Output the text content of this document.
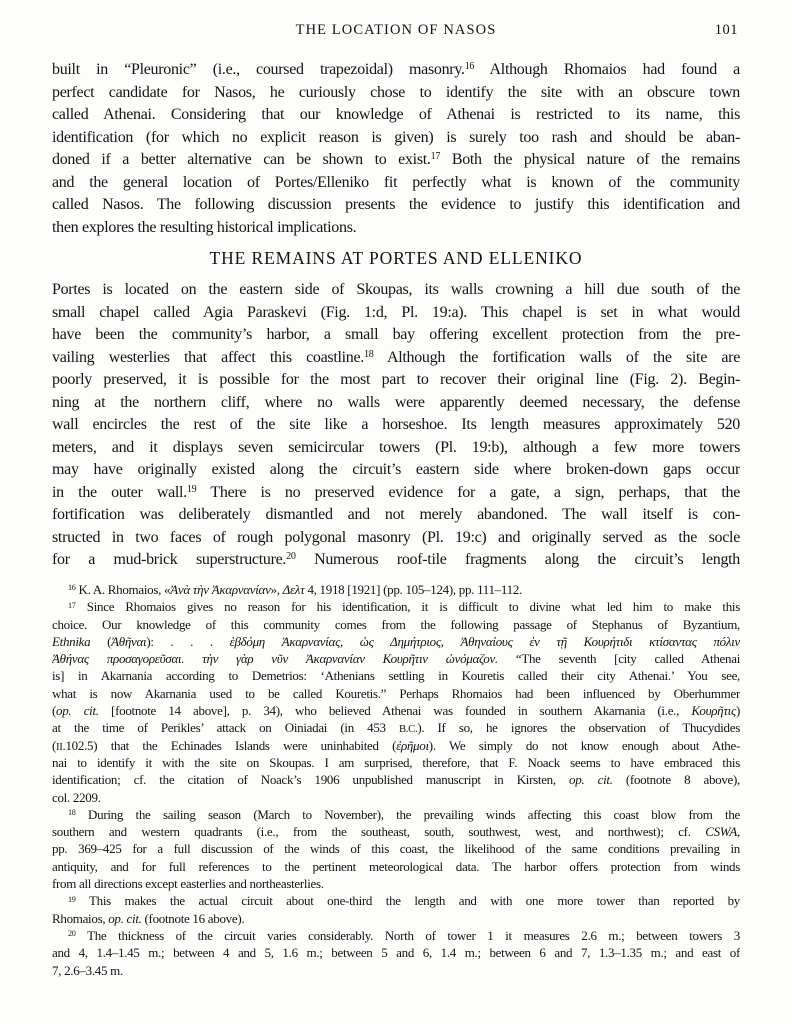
THE LOCATION OF NASOS	101
built in “Pleuronic” (i.e., coursed trapezoidal) masonry.$^{16}$ Although Rhomaios had found a
perfect candidate for Nasos, he curiously chose to identify the site with an obscure town
called Athenai. Considering that our knowledge of Athenai is restricted to its name, this
identification (for which no explicit reason is given) is surely too rash and should be aban-
doned if a better alternative can be shown to exist.$^{17}$ Both the physical nature of the remains
and the general location of Portes/Elleniko fit perfectly what is known of the community
called Nasos. The following discussion presents the evidence to justify this identification and
then explores the resulting historical implications.
THE REMAINS AT PORTES AND ELLENIKO
Portes is located on the eastern side of Skoupas, its walls crowning a hill due south of the
small chapel called Agia Paraskevi (Fig. 1:d, Pl. 19:a). This chapel is set in what would
have been the community’s harbor, a small bay offering excellent protection from the pre-
vailing westerlies that affect this coastline.$^{18}$ Although the fortification walls of the site are
poorly preserved, it is possible for the most part to recover their original line (Fig. 2). Begin-
ning at the northern cliff, where no walls were apparently deemed necessary, the defense
wall encircles the rest of the site like a horseshoe. Its length measures approximately 520
meters, and it displays seven semicircular towers (Pl. 19:b), although a few more towers
may have originally existed along the circuit’s eastern side where broken-down gaps occur
in the outer wall.$^{19}$ There is no preserved evidence for a gate, a sign, perhaps, that the
fortification was deliberately dismantled and not merely abandoned. The wall itself is con-
structed in two faces of rough polygonal masonry (Pl. 19:c) and originally served as the socle
for a mud-brick superstructure.$^{20}$ Numerous roof-tile fragments along the circuit’s length
$^{16}$ K. A. Rhomaios, «Ἀνὰ τὴν Ἀκαρνανίαν», Δελτ 4, 1918 [1921] (pp. 105–124), pp. 111–112.
$^{17}$ Since Rhomaios gives no reason for his identification, it is difficult to divine what led him to make this
choice. Our knowledge of this community comes from the following passage of Stephanus of Byzantium,
Ethnika (Ἀθῆναι): . . . ἑβδόμη Ἀκαρνανίας, ὡς Δημήτριος, Ἀθηναίους ἐν τῇ Κουρήτιδι κτίσαντας πόλιν
Ἀθήνας προσαγορεῦσαι. τὴν γὰρ νῦν Ἀκαρνανίαν Κουρῆτιν ὠνόμαζον. “The seventh [city called Athenai
is] in Akarnania according to Demetrios: ‘Athenians settling in Kouretis called their city Athenai.’ You see,
what is now Akarnania used to be called Kouretis.” Perhaps Rhomaios had been influenced by Oberhummer
(op. cit. [footnote 14 above], p. 34), who believed Athenai was founded in southern Akarnania (i.e., Κουρῆτις)
at the time of Perikles’ attack on Oiniadai (in 453 B.C.). If so, he ignores the observation of Thucydides
(II.102.5) that the Echinades Islands were uninhabited (ἐρῆμοι). We simply do not know enough about Athe-
nai to identify it with the site on Skoupas. I am surprised, therefore, that F. Noack seems to have embraced this
identification; cf. the citation of Noack’s 1906 unpublished manuscript in Kirsten, op. cit. (footnote 8 above),
col. 2209.
$^{18}$ During the sailing season (March to November), the prevailing winds affecting this coast blow from the
southern and western quadrants (i.e., from the southeast, south, southwest, west, and northwest); cf. CSWA,
pp. 369–425 for a full discussion of the winds of this coast, the likelihood of the same conditions prevailing in
antiquity, and for full references to the pertinent meteorological data. The harbor offers protection from winds
from all directions except easterlies and northeasterlies.
$^{19}$ This makes the actual circuit about one-third the length and with one more tower than reported by
Rhomaios, op. cit. (footnote 16 above).
$^{20}$ The thickness of the circuit varies considerably. North of tower 1 it measures 2.6 m.; between towers 3
and 4, 1.4–1.45 m.; between 4 and 5, 1.6 m.; between 5 and 6, 1.4 m.; between 6 and 7, 1.3–1.35 m.; and east of
7, 2.6–3.45 m.
